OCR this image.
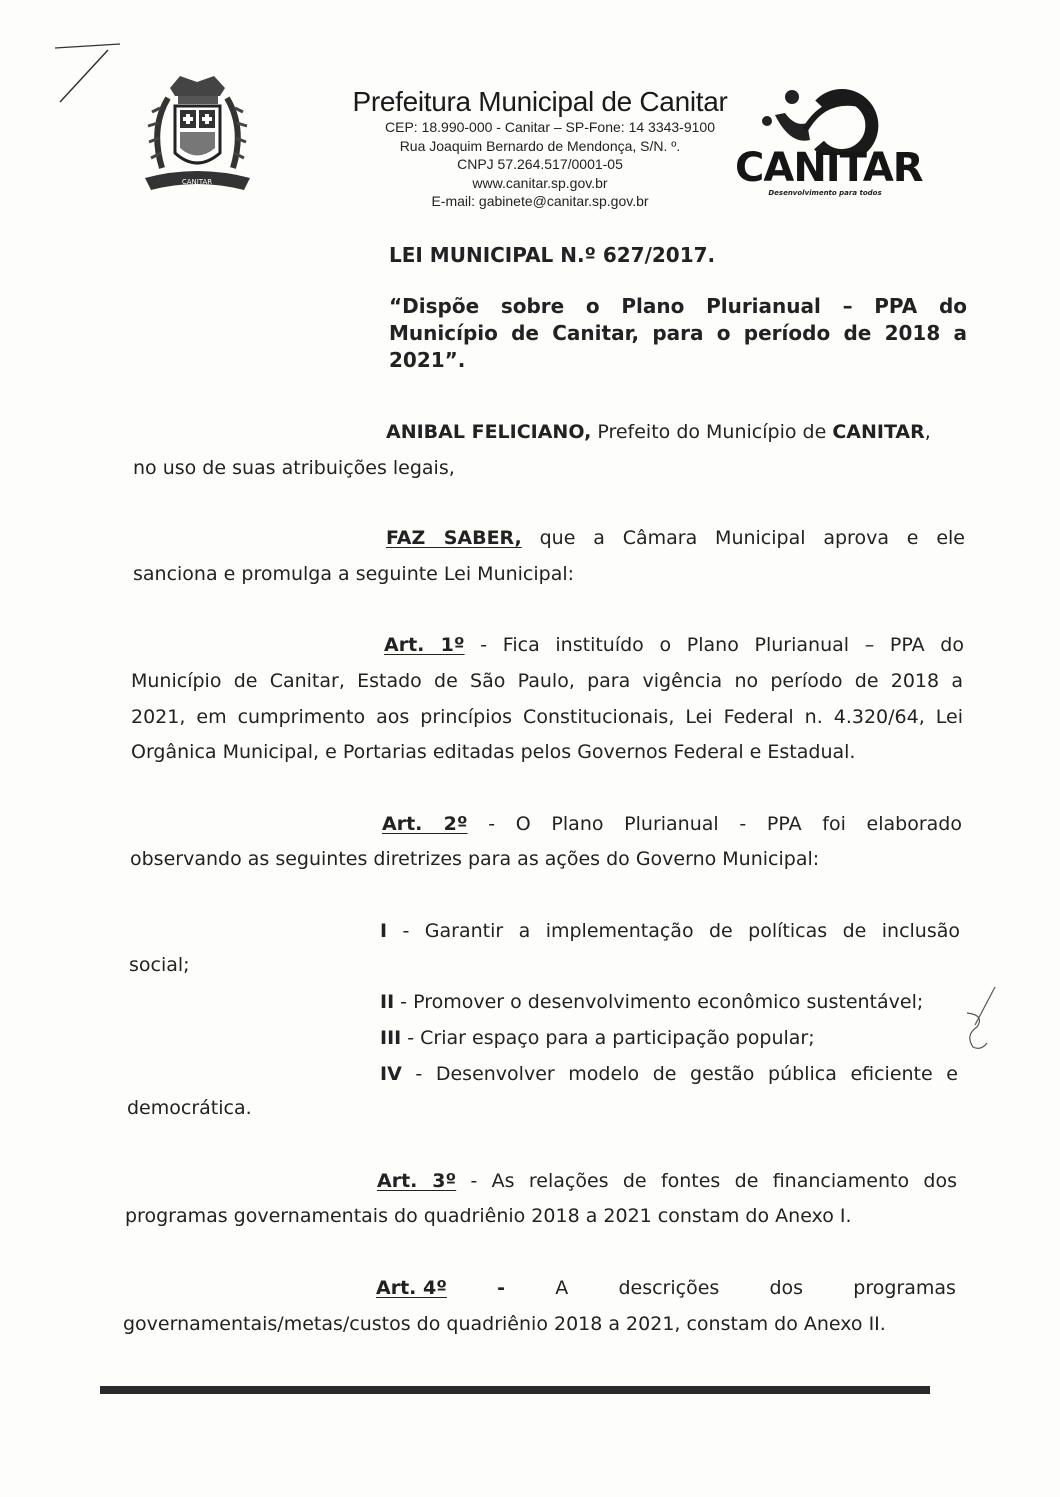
CANITAR
Prefeitura Municipal de Canitar
CEP: 18.990-000 - Canitar – SP-Fone: 14 3343-9100
Rua Joaquim Bernardo de Mendonça, S/N. º.
CNPJ 57.264.517/0001-05
www.canitar.sp.gov.br
E-mail: gabinete@canitar.sp.gov.br
CANITAR
Desenvolvimento para todos
LEI MUNICIPAL N.º 627/2017.
“Dispõe sobre o Plano Plurianual – PPA do Município de Canitar, para o período de 2018 a 2021”.
ANIBAL FELICIANO, Prefeito do Município de CANITAR,
no uso de suas atribuições legais,
FAZ SABER, que a Câmara Municipal aprova e ele
sanciona e promulga a seguinte Lei Municipal:
Art. 1º - Fica instituído o Plano Plurianual – PPA do
Município de Canitar, Estado de São Paulo, para vigência no período de 2018 a
2021, em cumprimento aos princípios Constitucionais, Lei Federal n. 4.320/64, Lei
Orgânica Municipal, e Portarias editadas pelos Governos Federal e Estadual.
Art. 2º - O Plano Plurianual - PPA foi elaborado
observando as seguintes diretrizes para as ações do Governo Municipal:
I - Garantir a implementação de políticas de inclusão
social;
II - Promover o desenvolvimento econômico sustentável;
III - Criar espaço para a participação popular;
IV - Desenvolver modelo de gestão pública eficiente e
democrática.
Art. 3º - As relações de fontes de financiamento dos
programas governamentais do quadriênio 2018 a 2021 constam do Anexo I.
Art. 4º	-	A	descrições	dos	programas
governamentais/metas/custos do quadriênio 2018 a 2021, constam do Anexo II.
